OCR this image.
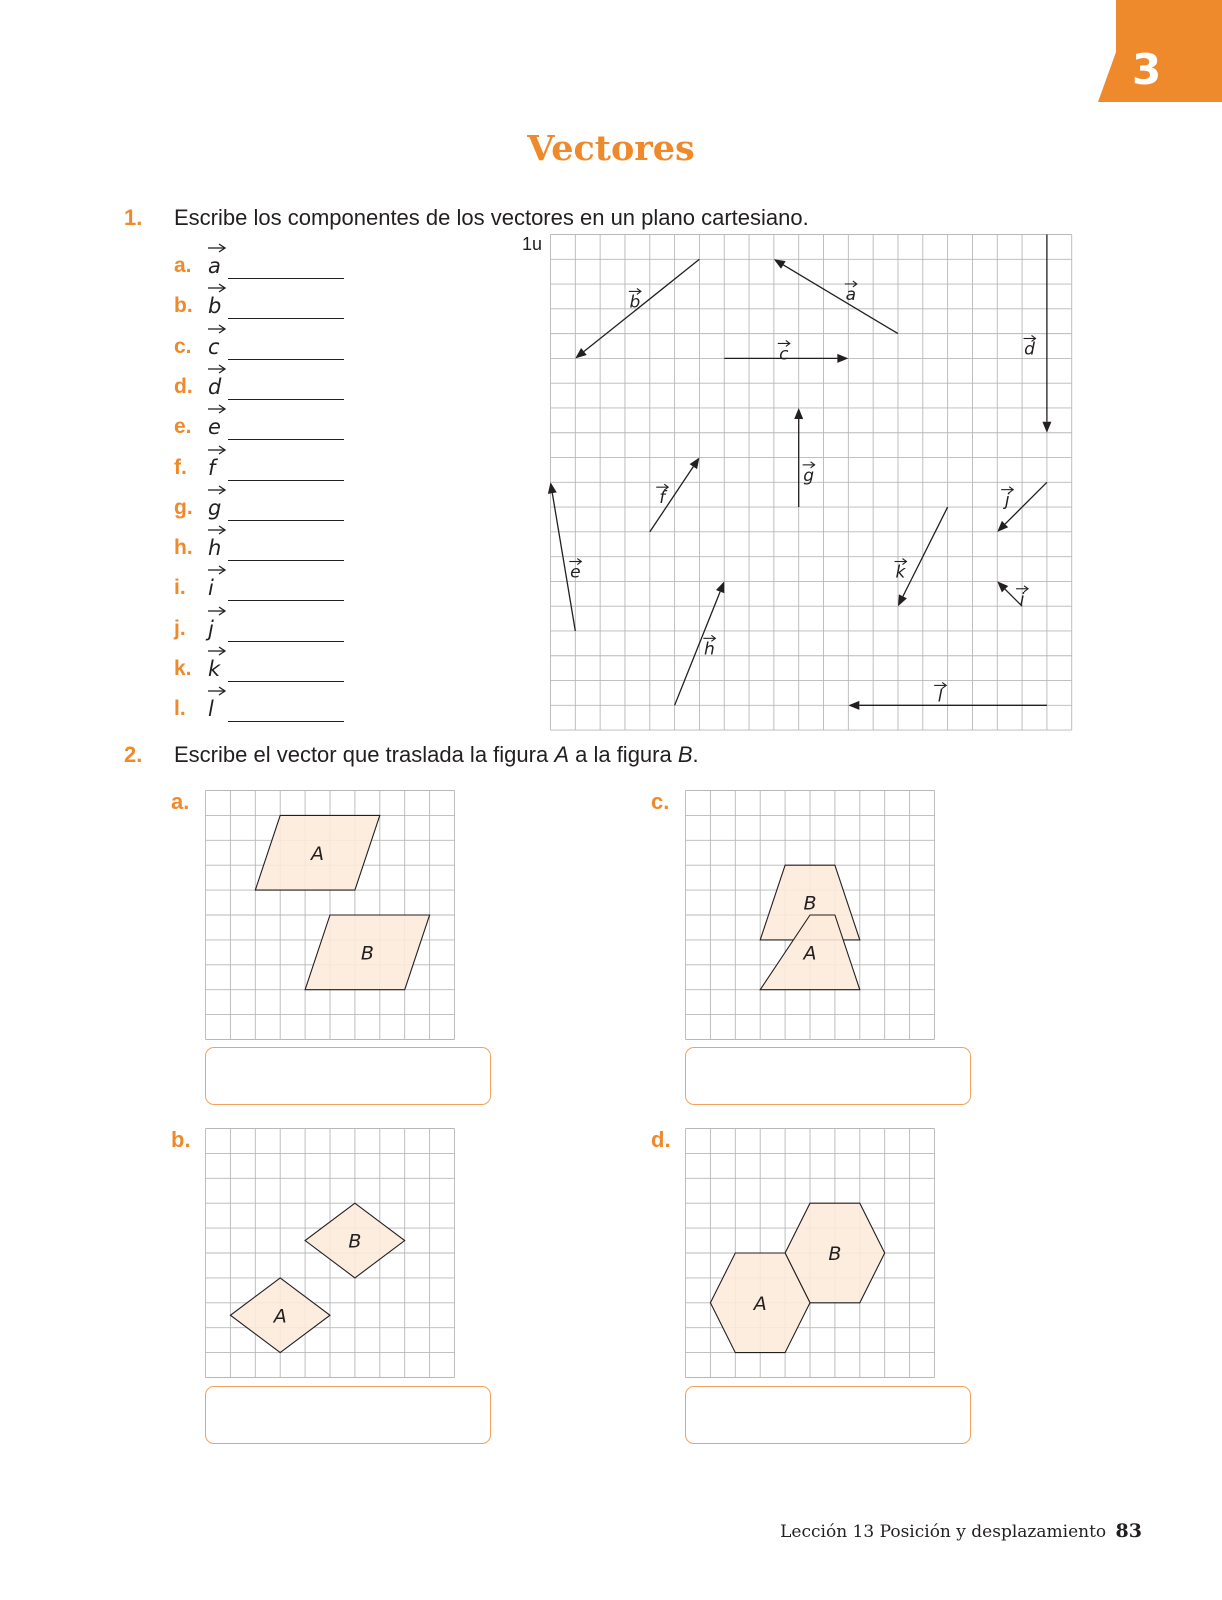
3
Vectores
1. Escribe los componentes de los vectores en un plano cartesiano.
1u
a. a
b. b
c. c
d. d
e. e
f. f
g. g
h. h
i. i
j. j
k. k
l. l
a
b
c	d
e
f
g
h
i
j
k
l
2. Escribe el vector que traslada la figura A a la figura B.
a.
A
B
b.
B
A
c.
B
A
d.
B
A
Lección 13 Posición y desplazamiento 83
